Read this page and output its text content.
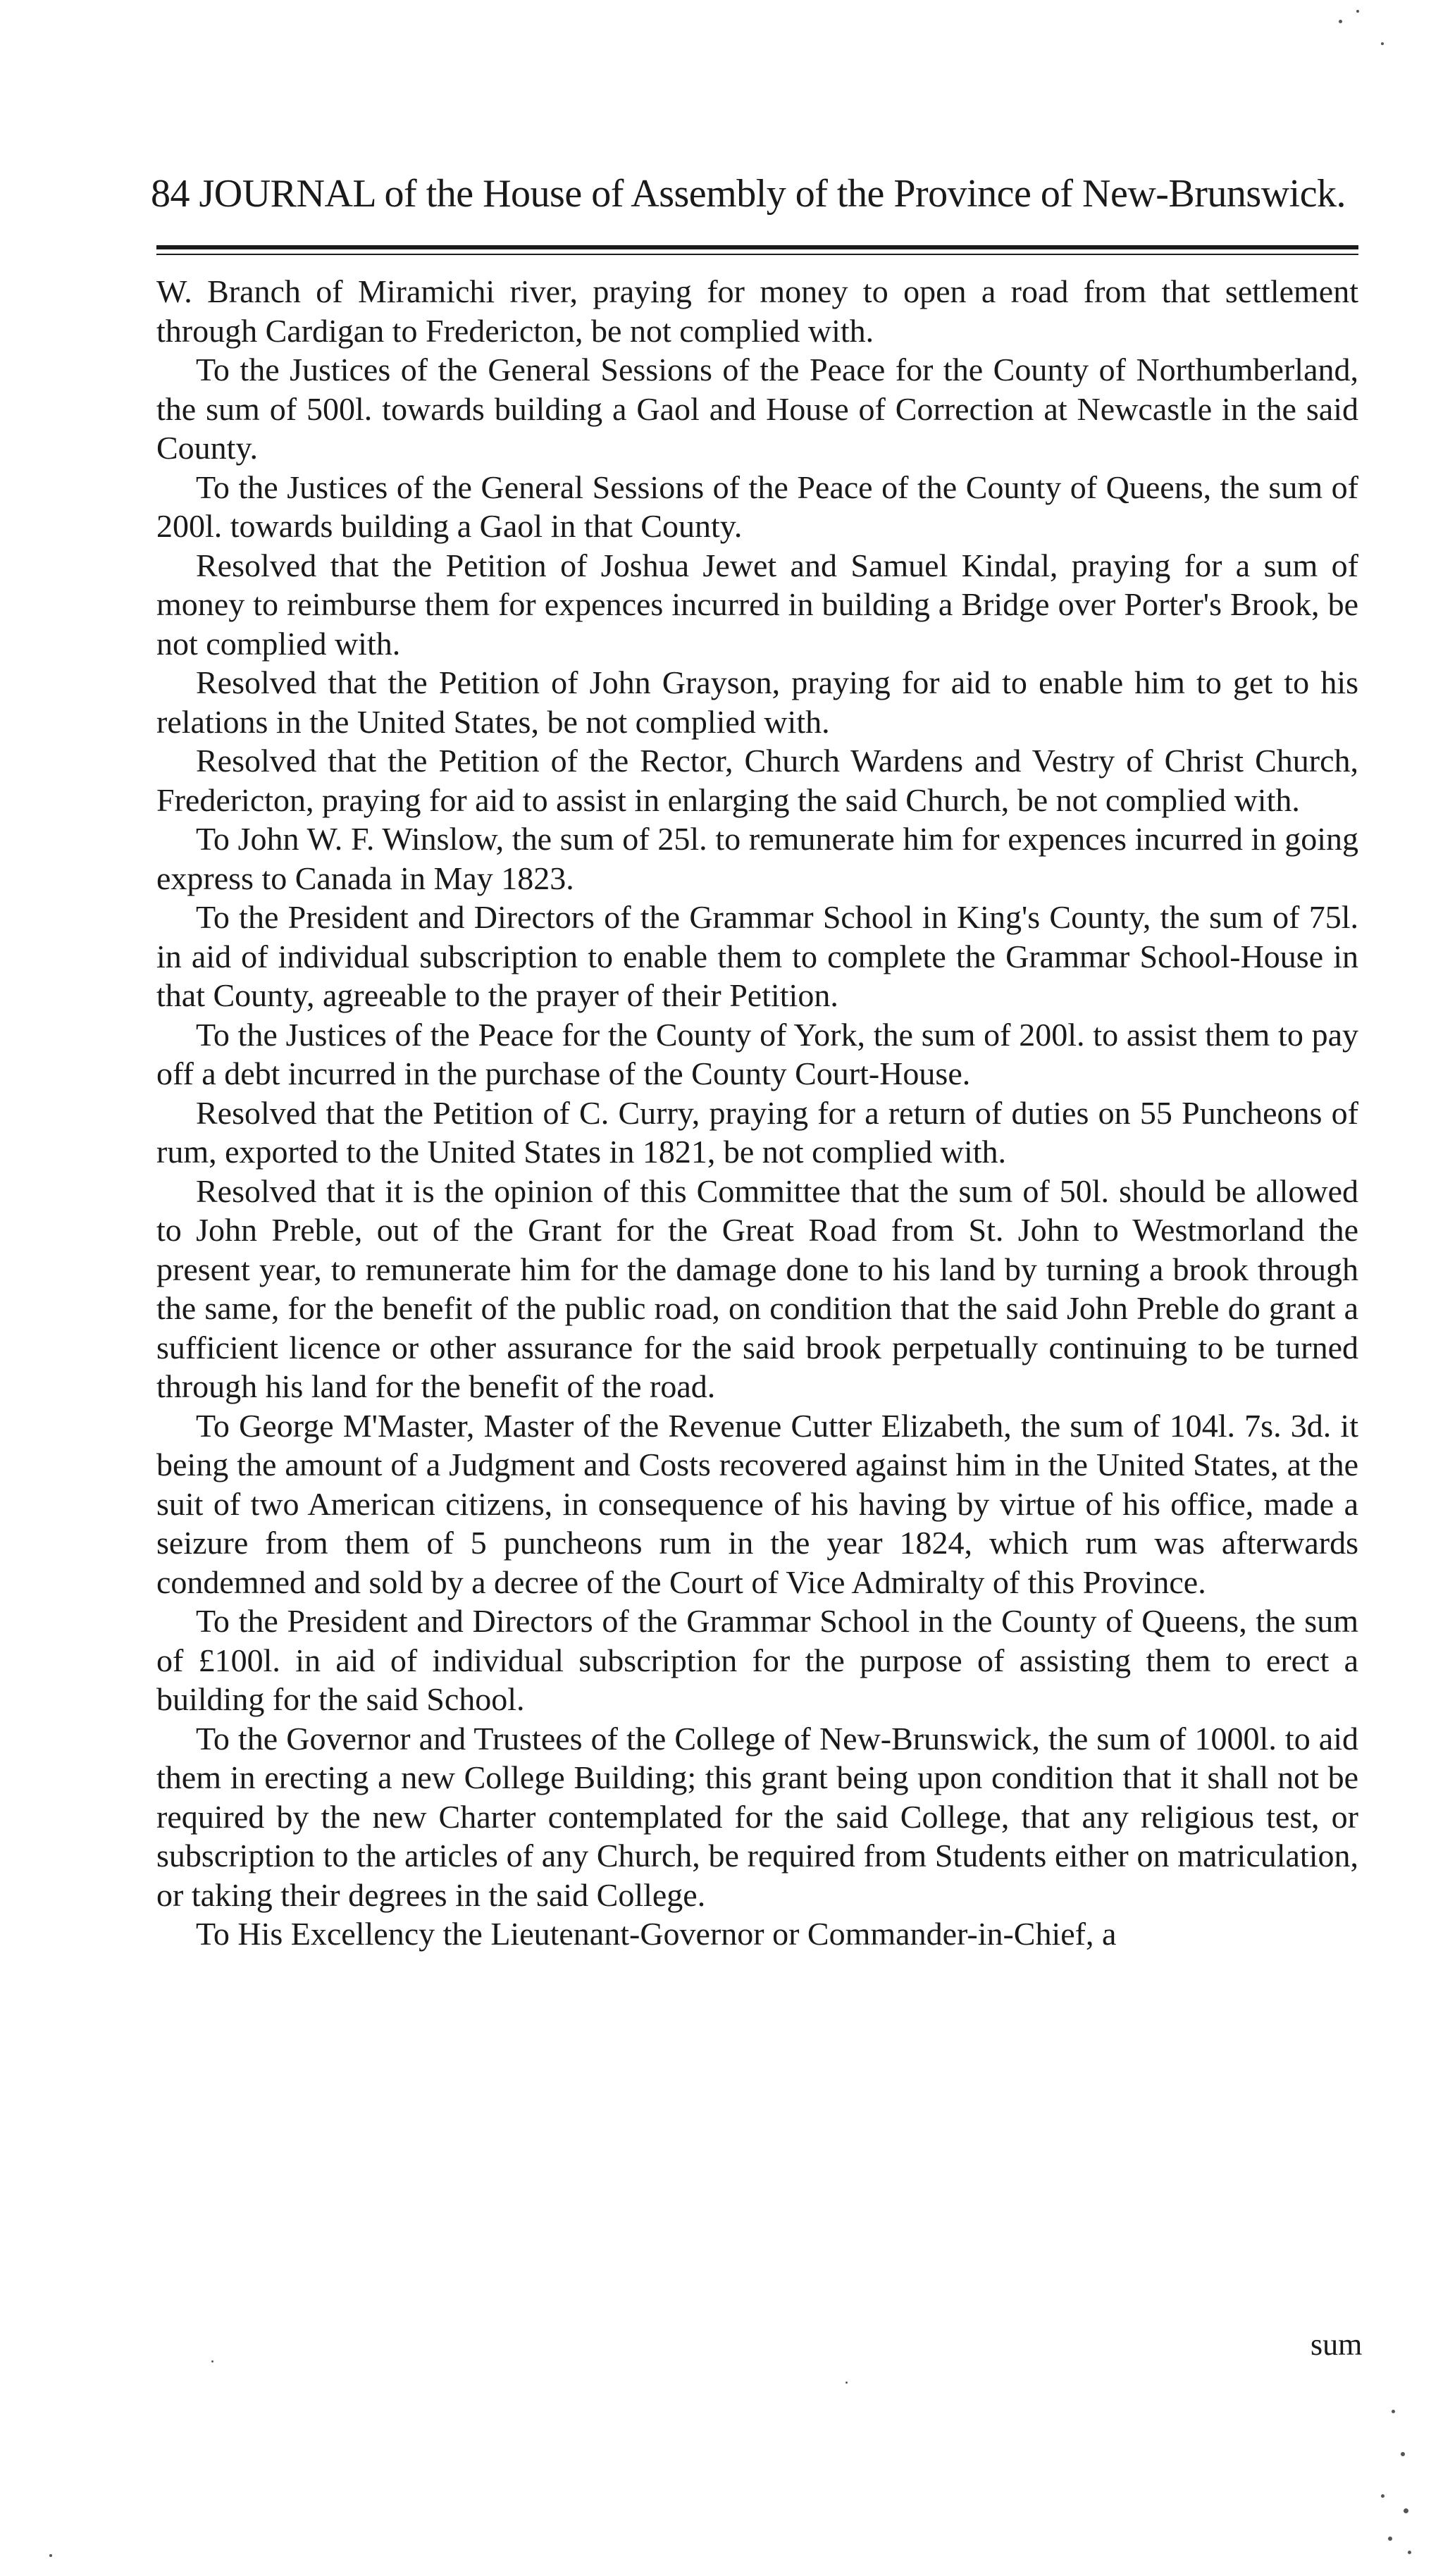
84 JOURNAL of the House of Assembly of the Province of New-Brunswick.

W. Branch of Miramichi river, praying for money to open a road from that settlement through Cardigan to Fredericton, be not complied with.

To the Justices of the General Sessions of the Peace for the County of Northumberland, the sum of 500l. towards building a Gaol and House of Correction at Newcastle in the said County.

To the Justices of the General Sessions of the Peace of the County of Queens, the sum of 200l. towards building a Gaol in that County.

Resolved that the Petition of Joshua Jewet and Samuel Kindal, praying for a sum of money to reimburse them for expences incurred in building a Bridge over Porter's Brook, be not complied with.

Resolved that the Petition of John Grayson, praying for aid to enable him to get to his relations in the United States, be not complied with.

Resolved that the Petition of the Rector, Church Wardens and Vestry of Christ Church, Fredericton, praying for aid to assist in enlarging the said Church, be not complied with.

To John W. F. Winslow, the sum of 25l. to remunerate him for expences incurred in going express to Canada in May 1823.

To the President and Directors of the Grammar School in King's County, the sum of 75l. in aid of individual subscription to enable them to complete the Grammar School-House in that County, agreeable to the prayer of their Petition.

To the Justices of the Peace for the County of York, the sum of 200l. to assist them to pay off a debt incurred in the purchase of the County Court-House.

Resolved that the Petition of C. Curry, praying for a return of duties on 55 Puncheons of rum, exported to the United States in 1821, be not complied with.

Resolved that it is the opinion of this Committee that the sum of 50l. should be allowed to John Preble, out of the Grant for the Great Road from St. John to Westmorland the present year, to remunerate him for the damage done to his land by turning a brook through the same, for the benefit of the public road, on condition that the said John Preble do grant a sufficient licence or other assurance for the said brook perpetually continuing to be turned through his land for the benefit of the road.

To George M'Master, Master of the Revenue Cutter Elizabeth, the sum of 104l. 7s. 3d. it being the amount of a Judgment and Costs recovered against him in the United States, at the suit of two American citizens, in consequence of his having by virtue of his office, made a seizure from them of 5 puncheons rum in the year 1824, which rum was afterwards condemned and sold by a decree of the Court of Vice Admiralty of this Province.

To the President and Directors of the Grammar School in the County of Queens, the sum of £100l. in aid of individual subscription for the purpose of assisting them to erect a building for the said School.

To the Governor and Trustees of the College of New-Brunswick, the sum of 1000l. to aid them in erecting a new College Building; this grant being upon condition that it shall not be required by the new Charter contemplated for the said College, that any religious test, or subscription to the articles of any Church, be required from Students either on matriculation, or taking their degrees in the said College.

To His Excellency the Lieutenant-Governor or Commander-in-Chief, a

sum
